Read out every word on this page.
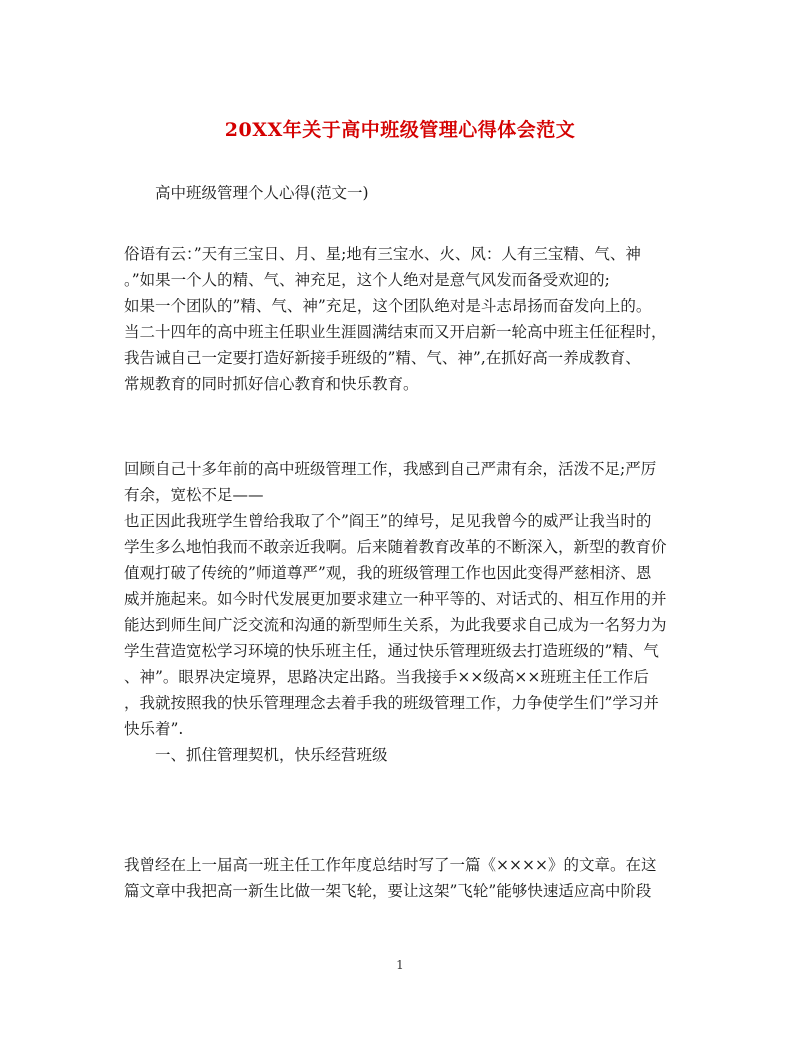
20XX年关于高中班级管理心得体会范文
高中班级管理个人心得(范文一)
俗语有云：”天有三宝日、月、星;地有三宝水、火、风：人有三宝精、气、神
。”如果一个人的精、气、神充足，这个人绝对是意气风发而备受欢迎的;
如果一个团队的”精、气、神”充足，这个团队绝对是斗志昂扬而奋发向上的。
当二十四年的高中班主任职业生涯圆满结束而又开启新一轮高中班主任征程时，
我告诫自己一定要打造好新接手班级的”精、气、神”,在抓好高一养成教育、
常规教育的同时抓好信心教育和快乐教育。
回顾自己十多年前的高中班级管理工作，我感到自己严肃有余，活泼不足;严厉
有余，宽松不足——
也正因此我班学生曾给我取了个”阎王”的绰号，足见我曾今的威严让我当时的
学生多么地怕我而不敢亲近我啊。后来随着教育改革的不断深入，新型的教育价
值观打破了传统的”师道尊严”观，我的班级管理工作也因此变得严慈相济、恩
威并施起来。如今时代发展更加要求建立一种平等的、对话式的、相互作用的并
能达到师生间广泛交流和沟通的新型师生关系，为此我要求自己成为一名努力为
学生营造宽松学习环境的快乐班主任，通过快乐管理班级去打造班级的”精、气
、神”。眼界决定境界，思路决定出路。当我接手××级高××班班主任工作后
，我就按照我的快乐管理理念去着手我的班级管理工作，力争使学生们”学习并
快乐着”.
一、抓住管理契机，快乐经营班级
我曾经在上一届高一班主任工作年度总结时写了一篇《××××》的文章。在这
篇文章中我把高一新生比做一架飞轮，要让这架”飞轮”能够快速适应高中阶段
1
